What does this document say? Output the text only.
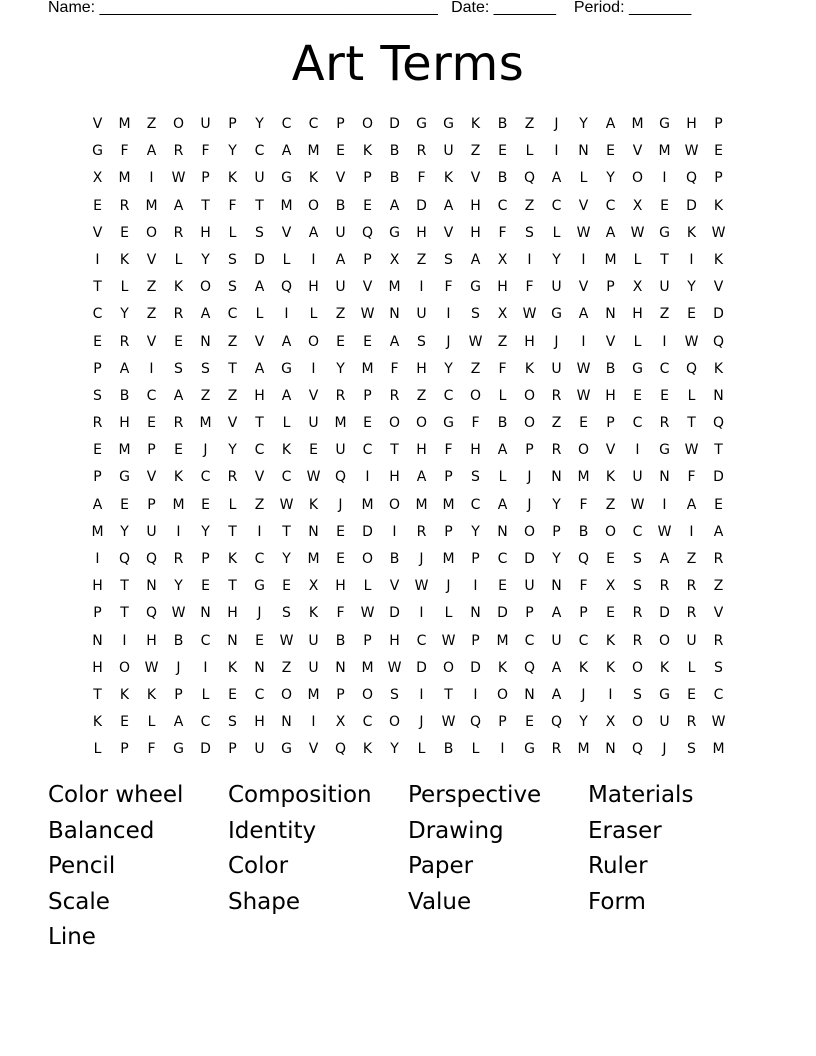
Name: ______________________________________ Date: _______ Period: _______
Art Terms
V	M	Z	O	U	P	Y	C	C	P	O	D	G	G	K	B	Z	J	Y	A	M	G	H	P
G	F	A	R	F	Y	C	A	M	E	K	B	R	U	Z	E	L	I	N	E	V	M	W	E
X	M	I	W	P	K	U	G	K	V	P	B	F	K	V	B	Q	A	L	Y	O	I	Q	P
E	R	M	A	T	F	T	M	O	B	E	A	D	A	H	C	Z	C	V	C	X	E	D	K
V	E	O	R	H	L	S	V	A	U	Q	G	H	V	H	F	S	L	W	A	W	G	K	W
I	K	V	L	Y	S	D	L	I	A	P	X	Z	S	A	X	I	Y	I	M	L	T	I	K
T	L	Z	K	O	S	A	Q	H	U	V	M	I	F	G	H	F	U	V	P	X	U	Y	V
C	Y	Z	R	A	C	L	I	L	Z	W	N	U	I	S	X	W	G	A	N	H	Z	E	D
E	R	V	E	N	Z	V	A	O	E	E	A	S	J	W	Z	H	J	I	V	L	I	W	Q
P	A	I	S	S	T	A	G	I	Y	M	F	H	Y	Z	F	K	U	W	B	G	C	Q	K
S	B	C	A	Z	Z	H	A	V	R	P	R	Z	C	O	L	O	R	W	H	E	E	L	N
R	H	E	R	M	V	T	L	U	M	E	O	O	G	F	B	O	Z	E	P	C	R	T	Q
E	M	P	E	J	Y	C	K	E	U	C	T	H	F	H	A	P	R	O	V	I	G	W	T
P	G	V	K	C	R	V	C	W	Q	I	H	A	P	S	L	J	N	M	K	U	N	F	D
A	E	P	M	E	L	Z	W	K	J	M	O	M	M	C	A	J	Y	F	Z	W	I	A	E
M	Y	U	I	Y	T	I	T	N	E	D	I	R	P	Y	N	O	P	B	O	C	W	I	A
I	Q	Q	R	P	K	C	Y	M	E	O	B	J	M	P	C	D	Y	Q	E	S	A	Z	R
H	T	N	Y	E	T	G	E	X	H	L	V	W	J	I	E	U	N	F	X	S	R	R	Z
P	T	Q	W	N	H	J	S	K	F	W	D	I	L	N	D	P	A	P	E	R	D	R	V
N	I	H	B	C	N	E	W	U	B	P	H	C	W	P	M	C	U	C	K	R	O	U	R
H	O	W	J	I	K	N	Z	U	N	M	W	D	O	D	K	Q	A	K	K	O	K	L	S
T	K	K	P	L	E	C	O	M	P	O	S	I	T	I	O	N	A	J	I	S	G	E	C
K	E	L	A	C	S	H	N	I	X	C	O	J	W	Q	P	E	Q	Y	X	O	U	R	W
L	P	F	G	D	P	U	G	V	Q	K	Y	L	B	L	I	G	R	M	N	Q	J	S	M
Color wheel	Composition	Perspective	Materials
Balanced	Identity	Drawing	Eraser
Pencil	Color	Paper	Ruler
Scale	Shape	Value	Form
Line
